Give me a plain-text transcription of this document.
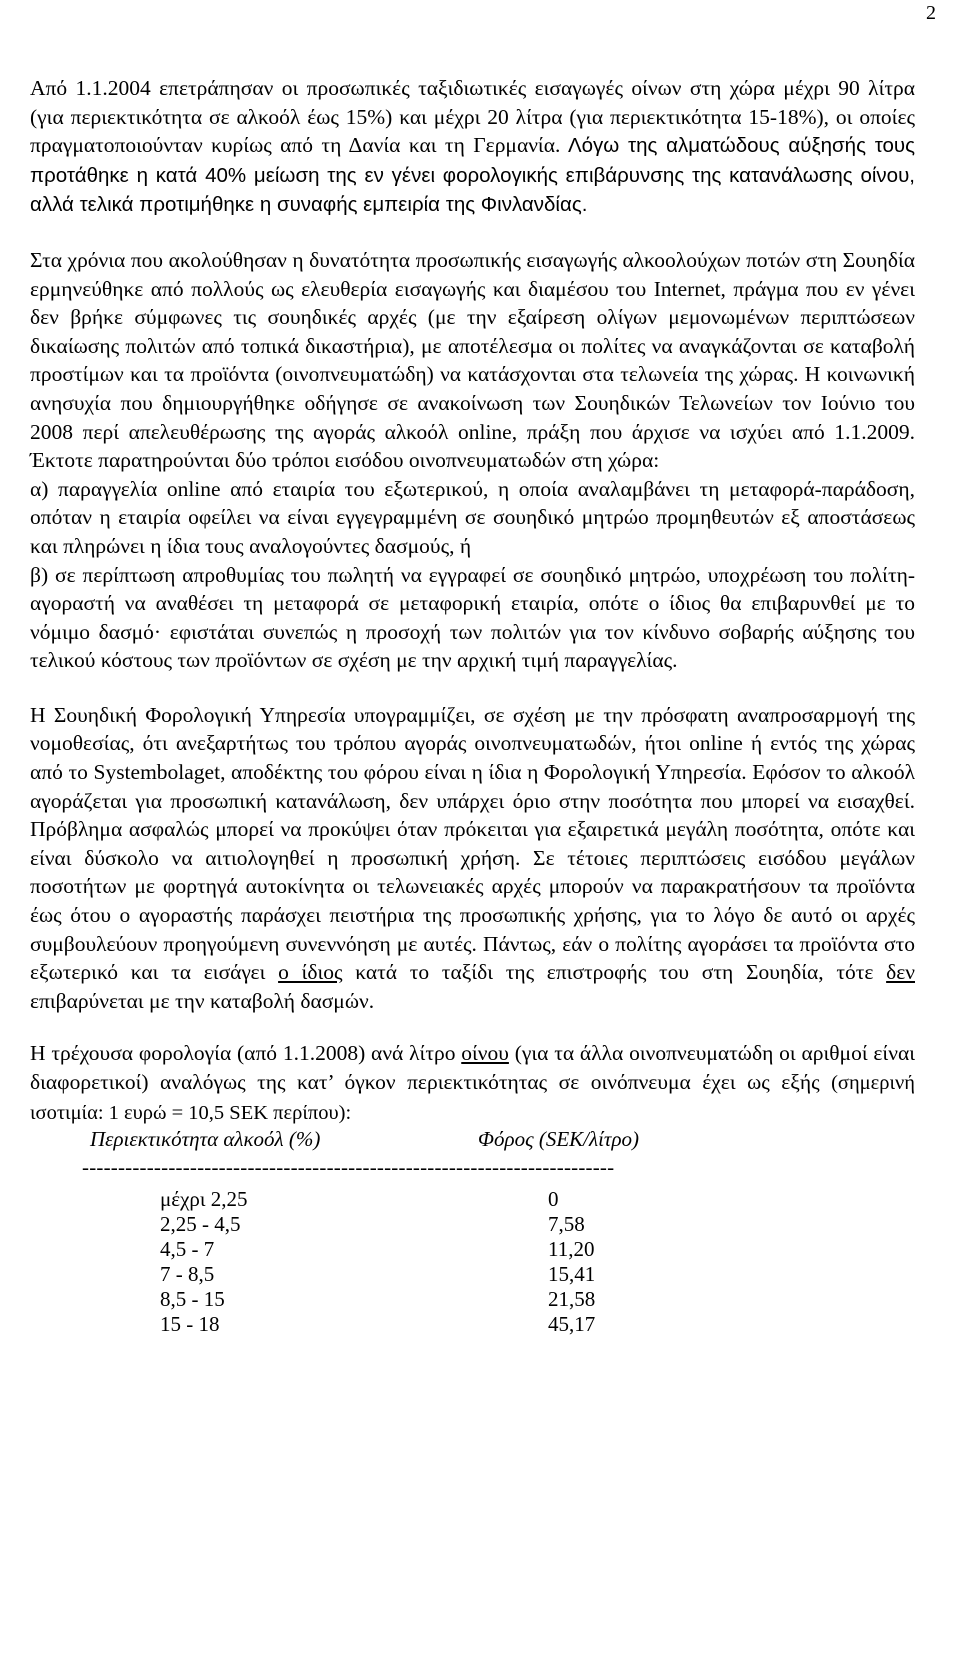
2

Από 1.1.2004 επετράπησαν οι προσωπικές ταξιδιωτικές εισαγωγές οίνων στη χώρα μέχρι 90 λίτρα (για περιεκτικότητα σε αλκοόλ έως 15%) και μέχρι 20 λίτρα (για περιεκτικότητα 15-18%), οι οποίες πραγματοποιούνταν κυρίως από τη Δανία και τη Γερμανία. Λόγω της αλματώδους αύξησής τους προτάθηκε η κατά 40% μείωση της εν γένει φορολογικής επιβάρυνσης της κατανάλωσης οίνου, αλλά τελικά προτιμήθηκε η συναφής εμπειρία της Φινλανδίας.

Στα χρόνια που ακολούθησαν η δυνατότητα προσωπικής εισαγωγής αλκοολούχων ποτών στη Σουηδία ερμηνεύθηκε από πολλούς ως ελευθερία εισαγωγής και διαμέσου του Internet, πράγμα που εν γένει δεν βρήκε σύμφωνες τις σουηδικές αρχές (με την εξαίρεση ολίγων μεμονωμένων περιπτώσεων δικαίωσης πολιτών από τοπικά δικαστήρια), με αποτέλεσμα οι πολίτες να αναγκάζονται σε καταβολή προστίμων και τα προϊόντα (οινοπνευματώδη) να κατάσχονται στα τελωνεία της χώρας. Η κοινωνική ανησυχία που δημιουργήθηκε οδήγησε σε ανακοίνωση των Σουηδικών Τελωνείων τον Ιούνιο του 2008 περί απελευθέρωσης της αγοράς αλκοόλ online, πράξη που άρχισε να ισχύει από 1.1.2009. Έκτοτε παρατηρούνται δύο τρόποι εισόδου οινοπνευματωδών στη χώρα:

α) παραγγελία online από εταιρία του εξωτερικού, η οποία αναλαμβάνει τη μεταφορά-παράδοση, οπόταν η εταιρία οφείλει να είναι εγγεγραμμένη σε σουηδικό μητρώο προμηθευτών εξ αποστάσεως και πληρώνει η ίδια τους αναλογούντες δασμούς, ή

β) σε περίπτωση απροθυμίας του πωλητή να εγγραφεί σε σουηδικό μητρώο, υποχρέωση του πολίτη-αγοραστή να αναθέσει τη μεταφορά σε μεταφορική εταιρία, οπότε ο ίδιος θα επιβαρυνθεί με το νόμιμο δασμό· εφιστάται συνεπώς η προσοχή των πολιτών για τον κίνδυνο σοβαρής αύξησης του τελικού κόστους των προϊόντων σε σχέση με την αρχική τιμή παραγγελίας.

Η Σουηδική Φορολογική Υπηρεσία υπογραμμίζει, σε σχέση με την πρόσφατη αναπροσαρμογή της νομοθεσίας, ότι ανεξαρτήτως του τρόπου αγοράς οινοπνευματωδών, ήτοι online ή εντός της χώρας από το Systembolaget, αποδέκτης του φόρου είναι η ίδια η Φορολογική Υπηρεσία. Εφόσον το αλκοόλ αγοράζεται για προσωπική κατανάλωση, δεν υπάρχει όριο στην ποσότητα που μπορεί να εισαχθεί. Πρόβλημα ασφαλώς μπορεί να προκύψει όταν πρόκειται για εξαιρετικά μεγάλη ποσότητα, οπότε και είναι δύσκολο να αιτιολογηθεί η προσωπική χρήση. Σε τέτοιες περιπτώσεις εισόδου μεγάλων ποσοτήτων με φορτηγά αυτοκίνητα οι τελωνειακές αρχές μπορούν να παρακρατήσουν τα προϊόντα έως ότου ο αγοραστής παράσχει πειστήρια της προσωπικής χρήσης, για το λόγο δε αυτό οι αρχές συμβουλεύουν προηγούμενη συνεννόηση με αυτές. Πάντως, εάν ο πολίτης αγοράσει τα προϊόντα στο εξωτερικό και τα εισάγει ο ίδιος κατά το ταξίδι της επιστροφής του στη Σουηδία, τότε δεν επιβαρύνεται με την καταβολή δασμών.

Η τρέχουσα φορολογία (από 1.1.2008) ανά λίτρο οίνου (για τα άλλα οινοπνευματώδη οι αριθμοί είναι διαφορετικοί) αναλόγως της κατ’ όγκον περιεκτικότητας σε οινόπνευμα έχει ως εξής (σημερινή ισοτιμία: 1 ευρώ = 10,5 SEK περίπου):

Περιεκτικότητα αλκοόλ (%)	Φόρος (SEK/λίτρο)
--------------------------------------------------------------------------
μέχρι 2,25	0
2,25 - 4,5	7,58
4,5 - 7	11,20
7 - 8,5	15,41
8,5 - 15	21,58
15 - 18	45,17
